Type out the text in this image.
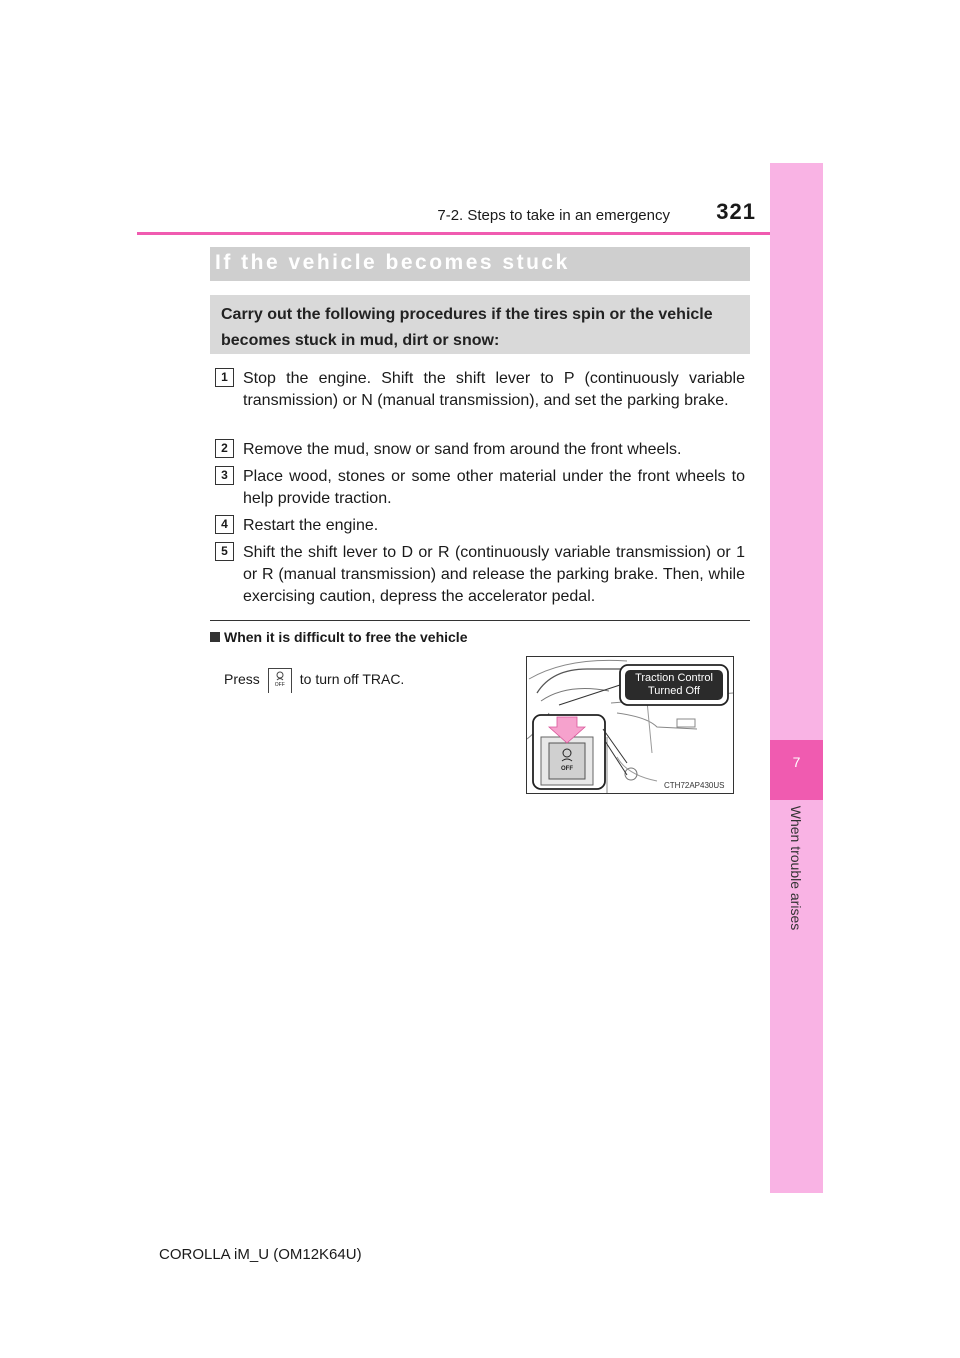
7-2. Steps to take in an emergency	321
7
When trouble arises
If the vehicle becomes stuck
Carry out the following procedures if the tires spin or the vehicle becomes stuck in mud, dirt or snow:
1 Stop the engine. Shift the shift lever to P (continuously variable transmission) or N (manual transmission), and set the parking brake.
2 Remove the mud, snow or sand from around the front wheels.
3 Place wood, stones or some other material under the front wheels to help provide traction.
4 Restart the engine.
5 Shift the shift lever to D or R (continuously variable transmission) or 1 or R (manual transmission) and release the parking brake. Then, while exercising caution, depress the accelerator pedal.
When it is difficult to free the vehicle
Press	OFF	to turn off TRAC.	Traction Control
Turned Off
OFF
CTH72AP430US
COROLLA iM_U (OM12K64U)
